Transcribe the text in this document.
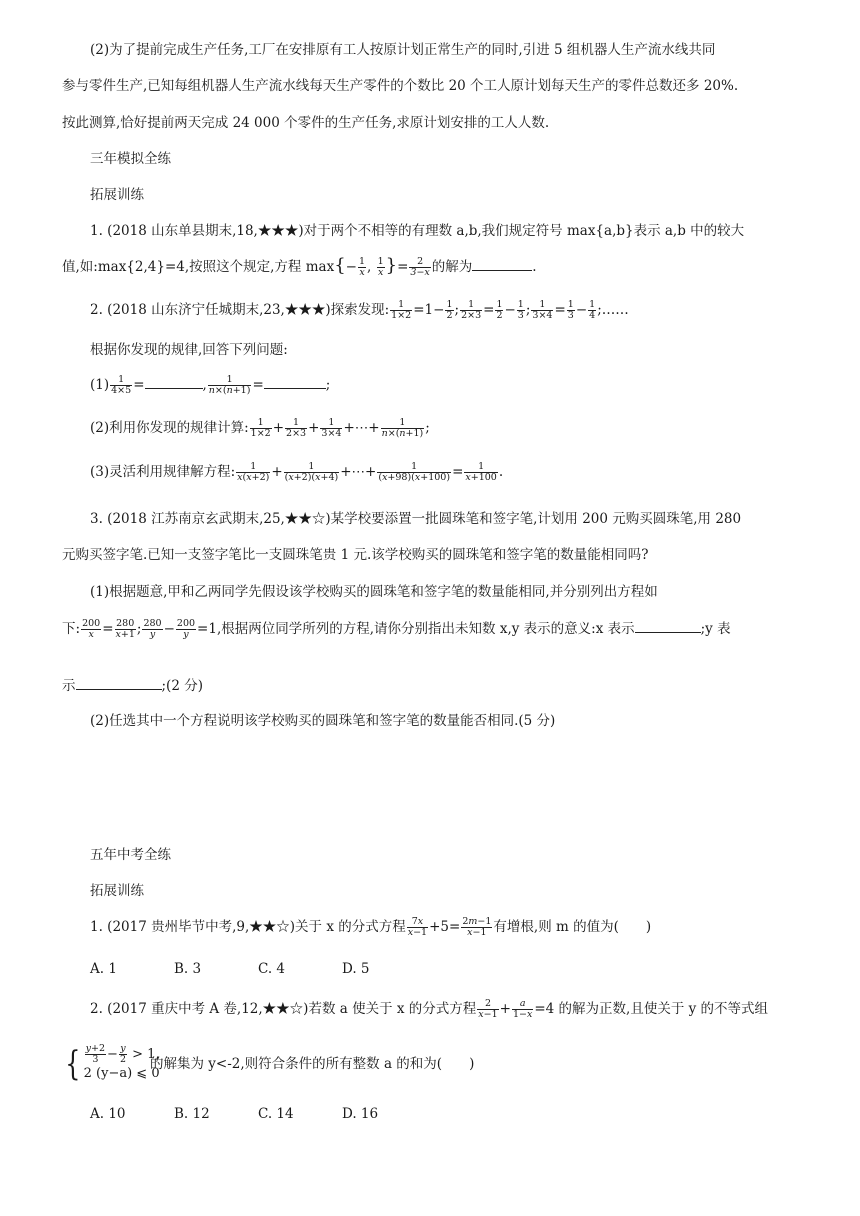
(2)为了提前完成生产任务,工厂在安排原有工人按原计划正常生产的同时,引进 5 组机器人生产流水线共同
参与零件生产,已知每组机器人生产流水线每天生产零件的个数比 20 个工人原计划每天生产的零件总数还多 20%.
按此测算,恰好提前两天完成 24 000 个零件的生产任务,求原计划安排的工人人数.
三年模拟全练
拓展训练
1. (2018 山东单县期末,18,★★★)对于两个不相等的有理数 a,b,我们规定符号 max{a,b}表示 a,b 中的较大
值,如:max{2,4}=4,按照这个规定,方程 $\max\{- \frac{1}{x}$ , $\frac{1}{x}$ }= $\frac{2}{3-x}$ 的解为	.
2. (2018 山东济宁任城期末,23,★★★)探索发现: $\frac{1}{1\times 2} =1- \frac{1}{2}$ ; $\frac{1}{2\times 3} = \frac{1}{2} - \frac{1}{3}$ ; $\frac{1}{3\times 4} = \frac{1}{3} - \frac{1}{4}$ ;……
根据你发现的规律,回答下列问题:
$(1) \frac{1}{4\times 5}$ =	, $\frac{1}{n\times(n+1)}$ =	;
(2)利用你发现的规律计算: $\frac{1}{1\times 2} + \frac{1}{2\times 3} + \frac{1}{3\times 4}$ +⋯+ $\frac{1}{n\times(n+1)}$ ;
(3)灵活利用规律解方程: $\frac{1}{x(x+2)} + \frac{1}{(x+2)(x+4)}$ +⋯+ $\frac{1}{(x+98)(x+100)} = \frac{1}{x+100}$ .
3. (2018 江苏南京玄武期末,25,★★☆)某学校要添置一批圆珠笔和签字笔,计划用 200 元购买圆珠笔,用 280
元购买签字笔.已知一支签字笔比一支圆珠笔贵 1 元.该学校购买的圆珠笔和签字笔的数量能相同吗?
(1)根据题意,甲和乙两同学先假设该学校购买的圆珠笔和签字笔的数量能相同,并分别列出方程如
下: $\frac{200}{x} = \frac{280}{x+1}$ ; $\frac{280}{y} - \frac{200}{y} =1$,根据两位同学所列的方程,请你分别指出未知数 x,y 表示的意义:x 表示	;y 表
示	;(2 分)
(2)任选其中一个方程说明该学校购买的圆珠笔和签字笔的数量能否相同.(5 分)
五年中考全练
拓展训练
1. (2017 贵州毕节中考,9,★★☆)关于 x 的分式方程 $\frac{7x}{x-1} +5= \frac{2m-1}{x-1}$ 有增根,则 m 的值为(　　)
A. 1	B. 3	C. 4	D. 5
2. (2017 重庆中考 A 卷,12,★★☆)若数 a 使关于 x 的分式方程 $\frac{2}{x-1} + \frac{a}{1-x} =4$ 的解为正数,且使关于 y 的不等式组
{ $\frac{y+2}{3} - \frac{y}{2} > 1$,
2 (y−a) ⩽ 0
的解集为 y<-2,则符合条件的所有整数 a 的和为(　　)
A. 10	B. 12	C. 14	D. 16
